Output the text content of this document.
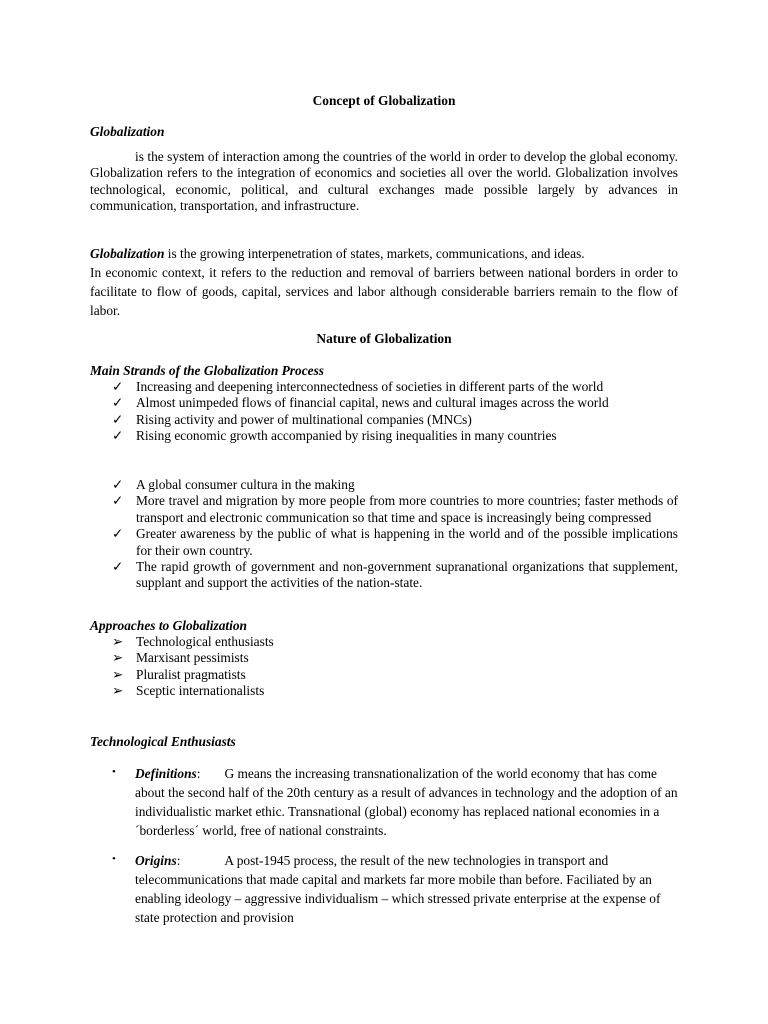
Concept of Globalization

Globalization

is the system of interaction among the countries of the world in order to develop the global economy. Globalization refers to the integration of economics and societies all over the world. Globalization involves technological, economic, political, and cultural exchanges made possible largely by advances in communication, transportation, and infrastructure.

Globalization is the growing interpenetration of states, markets, communications, and ideas.
In economic context, it refers to the reduction and removal of barriers between national borders in order to facilitate to flow of goods, capital, services and labor although considerable barriers remain to the flow of labor.

Nature of Globalization

Main Strands of the Globalization Process

✓ Increasing and deepening interconnectedness of societies in different parts of the world
✓ Almost unimpeded flows of financial capital, news and cultural images across the world
✓ Rising activity and power of multinational companies (MNCs)
✓ Rising economic growth accompanied by rising inequalities in many countries
✓ A global consumer cultura in the making
✓ More travel and migration by more people from more countries to more countries; faster methods of transport and electronic communication so that time and space is increasingly being compressed
✓ Greater awareness by the public of what is happening in the world and of the possible implications for their own country.
✓ The rapid growth of government and non-government supranational organizations that supplement, supplant and support the activities of the nation-state.

Approaches to Globalization

➢ Technological enthusiasts
➢ Marxisant pessimists
➢ Pluralist pragmatists
➢ Sceptic internationalists

Technological Enthusiasts

• Definitions: G means the increasing transnationalization of the world economy that has come about the second half of the 20th century as a result of advances in technology and the adoption of an individualistic market ethic. Transnational (global) economy has replaced national economies in a ´borderless´ world, free of national constraints.
• Origins:	A post-1945 process, the result of the new technologies in transport and telecommunications that made capital and markets far more mobile than before. Faciliated by an enabling ideology – aggressive individualism – which stressed private enterprise at the expense of state protection and provision
